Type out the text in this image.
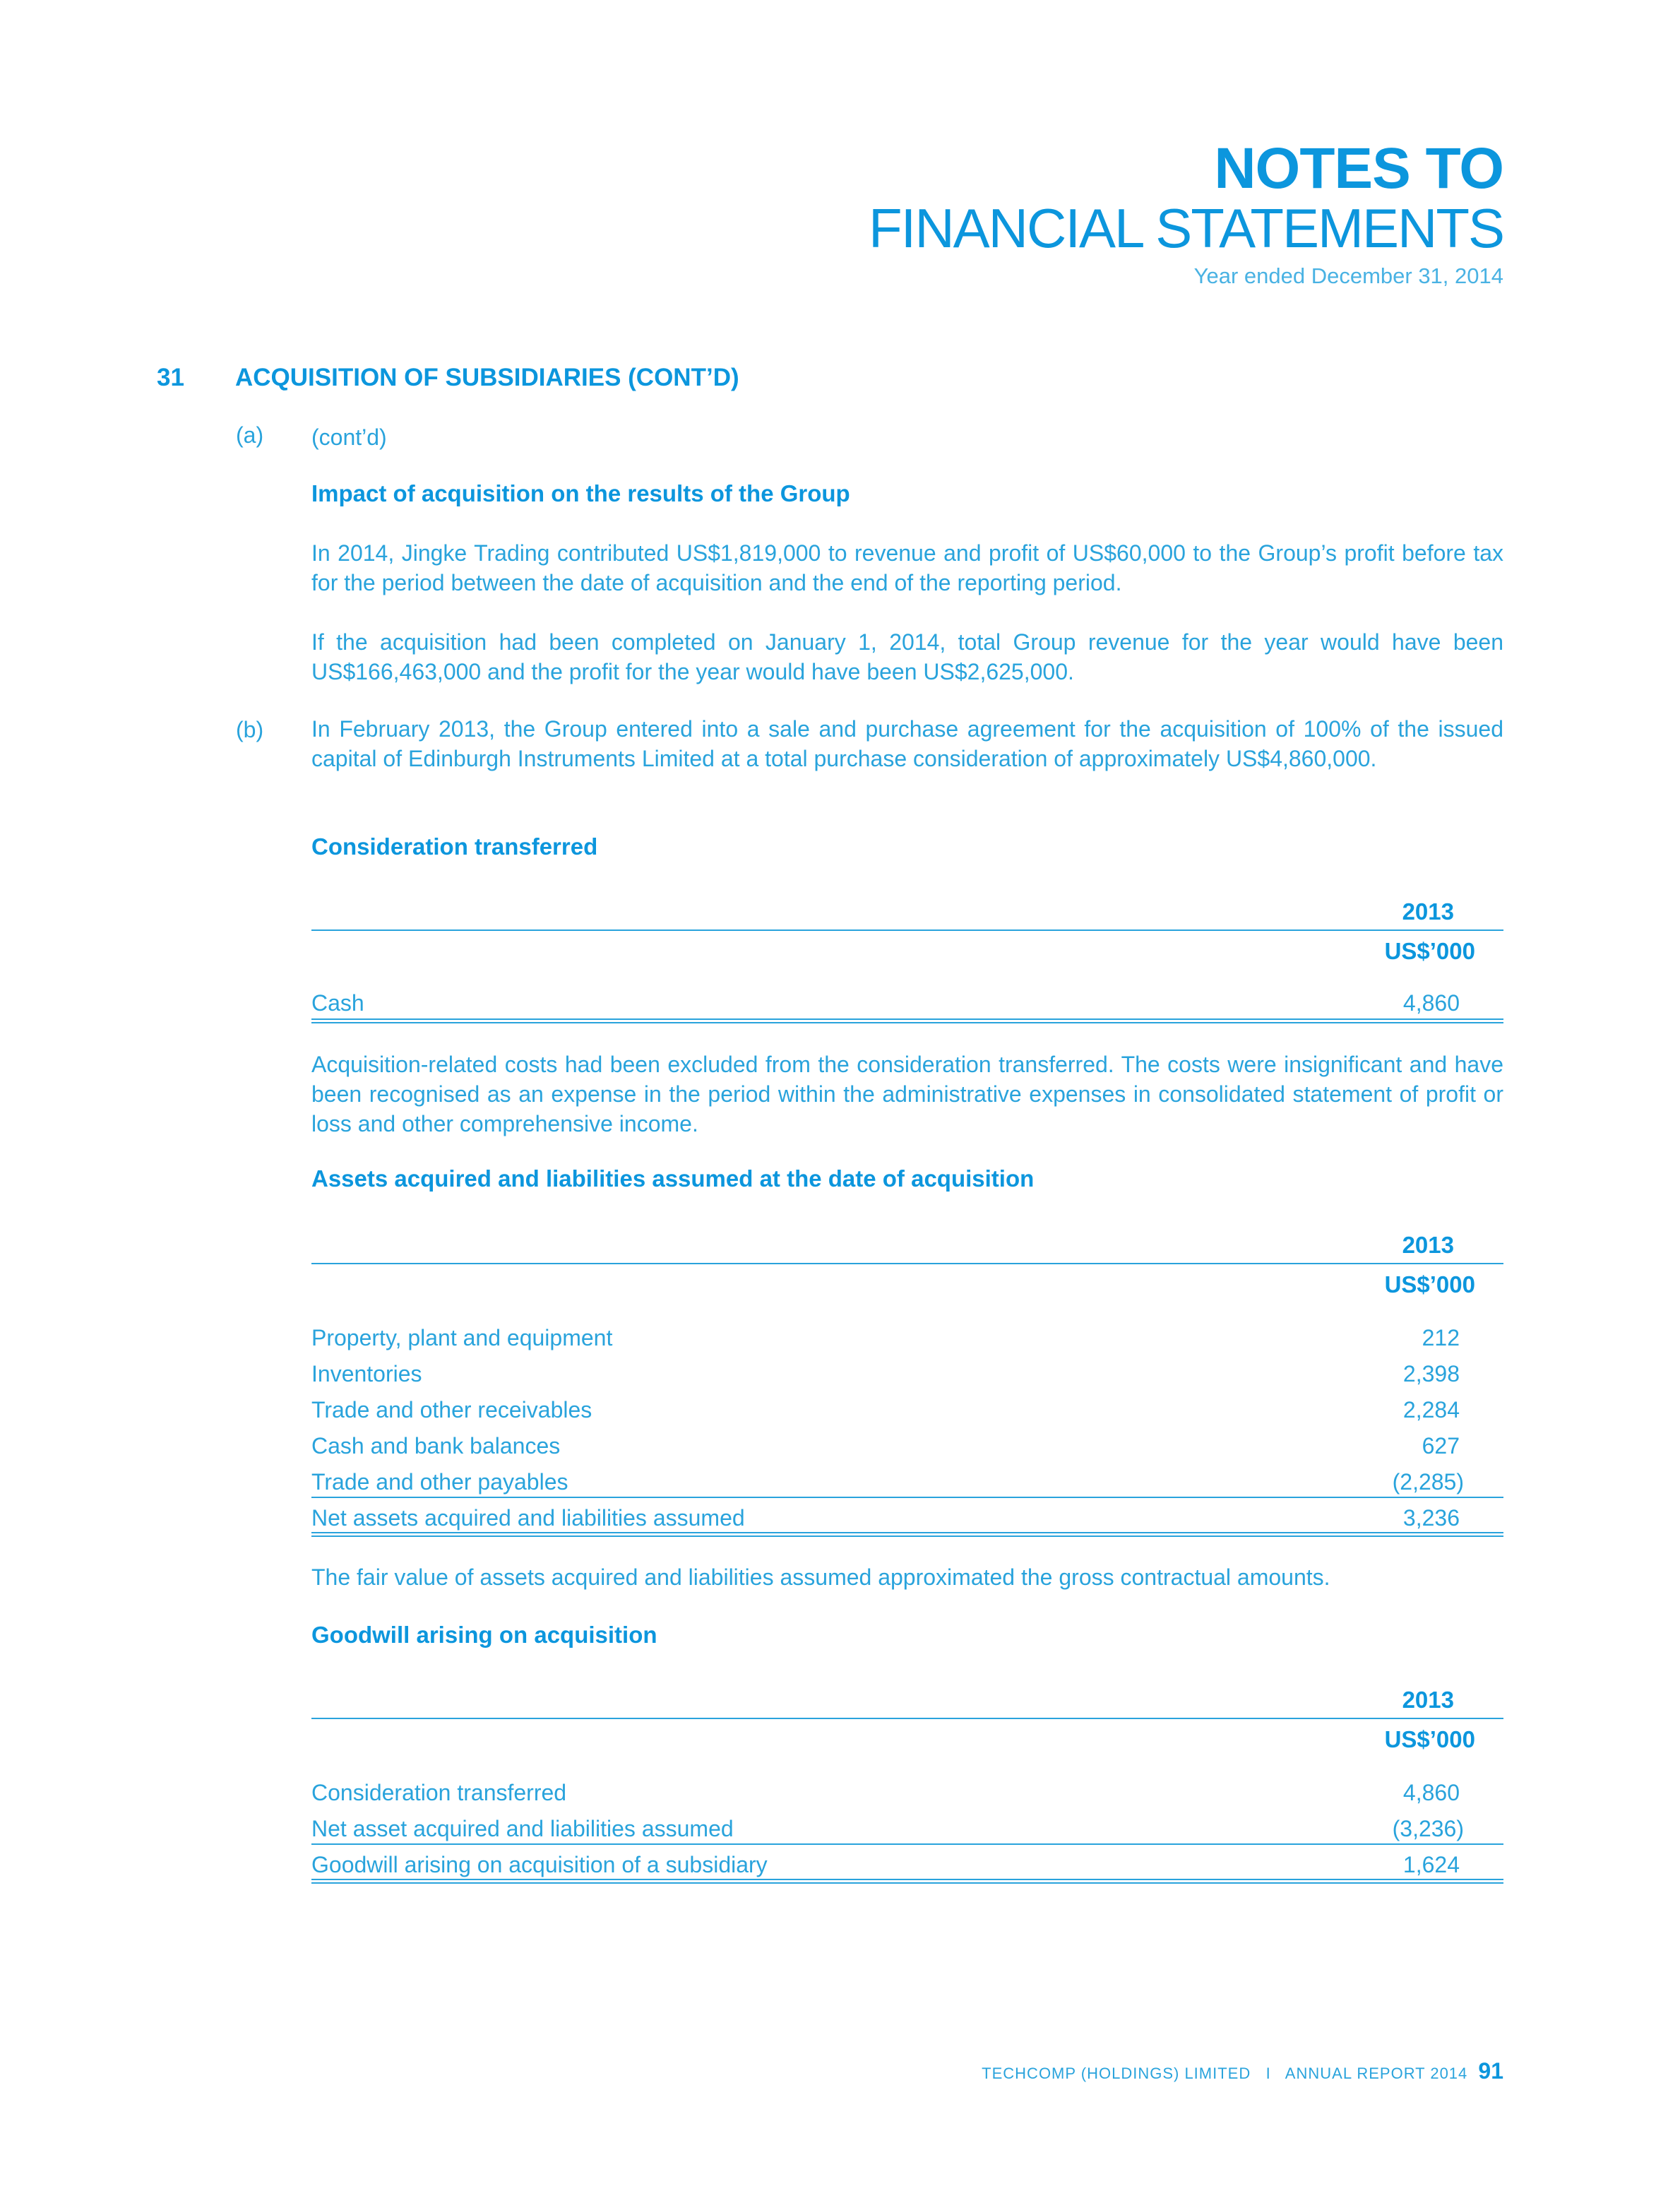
NOTES TO
FINANCIAL STATEMENTS
Year ended December 31, 2014
31 ACQUISITION OF SUBSIDIARIES (CONT’D)
(a) (cont’d)
Impact of acquisition on the results of the Group
In 2014, Jingke Trading contributed US$1,819,000 to revenue and profit of US$60,000 to the Group’s profit before tax for the period between the date of acquisition and the end of the reporting period.
If the acquisition had been completed on January 1, 2014, total Group revenue for the year would have been US$166,463,000 and the profit for the year would have been US$2,625,000.
(b) In February 2013, the Group entered into a sale and purchase agreement for the acquisition of 100% of the issued capital of Edinburgh Instruments Limited at a total purchase consideration of approximately US$4,860,000.
Consideration transferred
2013
US$’000
Cash	4,860
Acquisition-related costs had been excluded from the consideration transferred. The costs were insignificant and have been recognised as an expense in the period within the administrative expenses in consolidated statement of profit or loss and other comprehensive income.
Assets acquired and liabilities assumed at the date of acquisition
2013
US$’000
Property, plant and equipment	212
Inventories	2,398
Trade and other receivables	2,284
Cash and bank balances	627
Trade and other payables	(2,285)
Net assets acquired and liabilities assumed	3,236
The fair value of assets acquired and liabilities assumed approximated the gross contractual amounts.
Goodwill arising on acquisition
2013
US$’000
Consideration transferred	4,860
Net asset acquired and liabilities assumed	(3,236)
Goodwill arising on acquisition of a subsidiary	1,624
TECHCOMP (HOLDINGS) LIMITED   I   ANNUAL REPORT 2014 91
